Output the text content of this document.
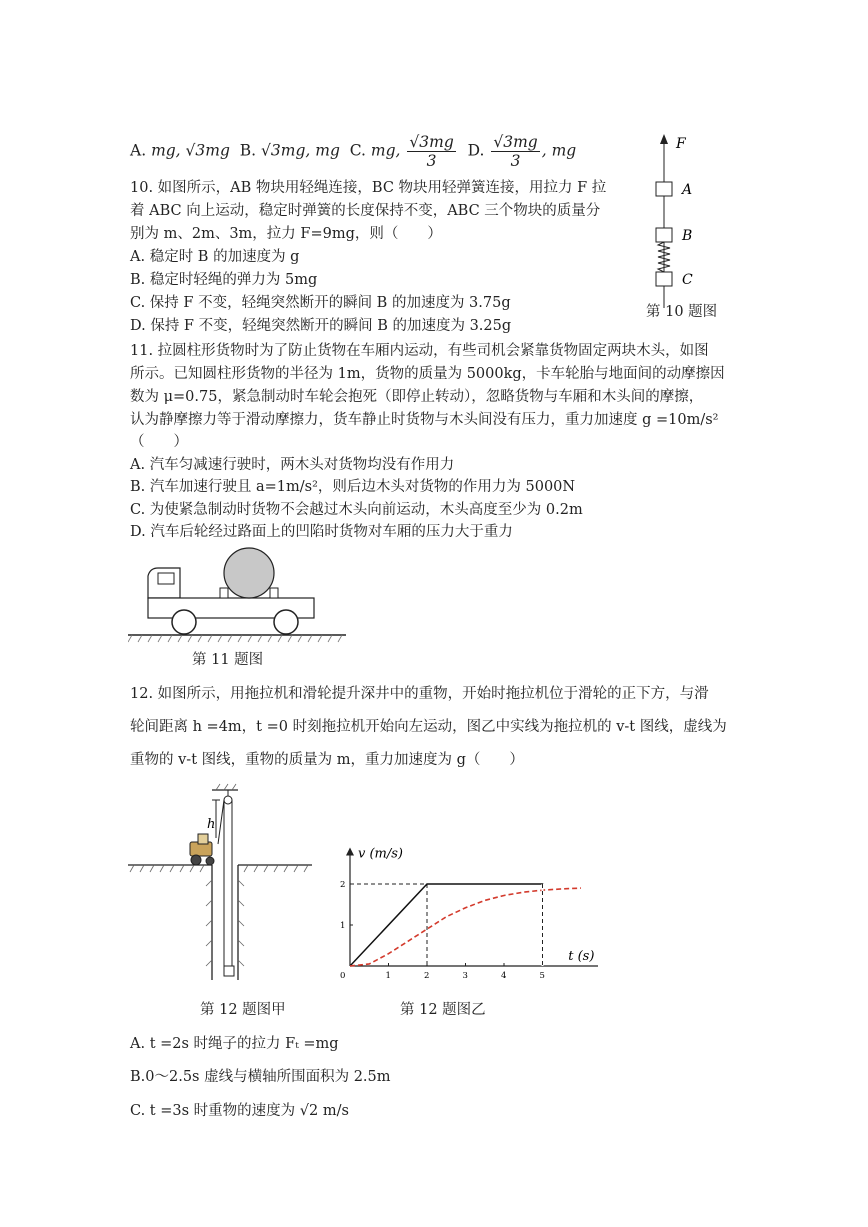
A. mg, √3mg B. √3mg, mg C. mg, $\frac{√3mg}{3} D$. $\frac{√3mg}{3}$ , mg
10. 如图所示，AB 物块用轻绳连接，BC 物块用轻弹簧连接，用拉力 F 拉
着 ABC 向上运动，稳定时弹簧的长度保持不变，ABC 三个物块的质量分
别为 m、2m、3m，拉力 F=9mg，则（　　）
A. 稳定时 B 的加速度为 g
B. 稳定时轻绳的弹力为 5mg
C. 保持 F 不变，轻绳突然断开的瞬间 B 的加速度为 3.75g
D. 保持 F 不变，轻绳突然断开的瞬间 B 的加速度为 3.25g
F
A
B
C
第 10 题图
11. 拉圆柱形货物时为了防止货物在车厢内运动，有些司机会紧靠货物固定两块木头，如图
所示。已知圆柱形货物的半径为 1m，货物的质量为 5000kg，卡车轮胎与地面间的动摩擦因
数为 μ=0.75，紧急制动时车轮会抱死（即停止转动），忽略货物与车厢和木头间的摩擦，
认为静摩擦力等于滑动摩擦力，货车静止时货物与木头间没有压力，重力加速度 g =10m/s²
（　　）
A. 汽车匀减速行驶时，两木头对货物均没有作用力
B. 汽车加速行驶且 a=1m/s²，则后边木头对货物的作用力为 5000N
C. 为使紧急制动时货物不会越过木头向前运动，木头高度至少为 0.2m
D. 汽车后轮经过路面上的凹陷时货物对车厢的压力大于重力
第 11 题图
12. 如图所示，用拖拉机和滑轮提升深井中的重物，开始时拖拉机位于滑轮的正下方，与滑
轮间距离 h =4m，t =0 时刻拖拉机开始向左运动，图乙中实线为拖拉机的 v-t 图线，虚线为
重物的 v-t 图线，重物的质量为 m，重力加速度为 g（　　）
h
v (m/s)
t (s)
0	1	2	3	4	5
1
2
第 12 题图甲	第 12 题图乙
A. t =2s 时绳子的拉力 Fₜ =mg
B.0～2.5s 虚线与横轴所围面积为 2.5m
C. t =3s 时重物的速度为 √2 m/s
